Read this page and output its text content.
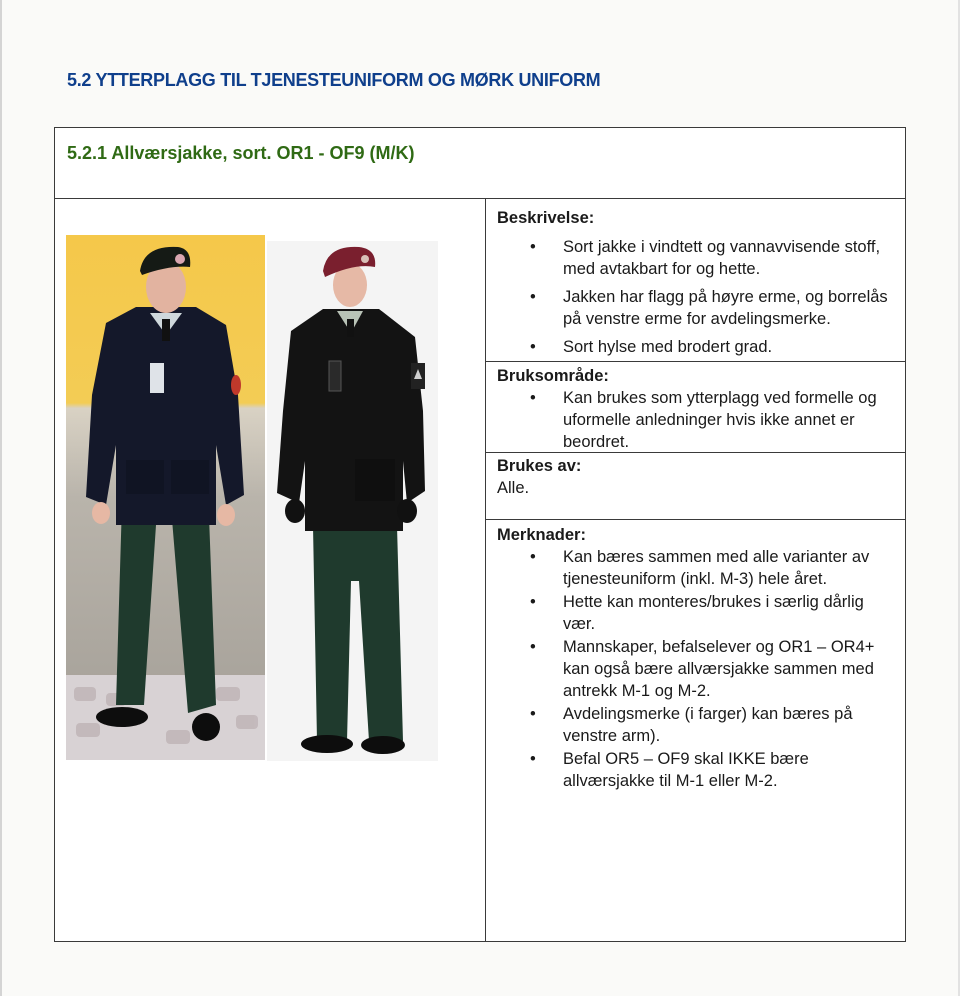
5.2 YTTERPLAGG TIL TJENESTEUNIFORM OG MØRK UNIFORM
5.2.1 Allværsjakke, sort. OR1 - OF9 (M/K)
Beskrivelse:
• Sort jakke i vindtett og vannavvisende stoff, med avtakbart for og hette.
• Jakken har flagg på høyre erme, og borrelås på venstre erme for avdelingsmerke.
• Sort hylse med brodert grad.
Bruksområde:
• Kan brukes som ytterplagg ved formelle og uformelle anledninger hvis ikke annet er beordret.
Brukes av:
Alle.
Merknader:
• Kan bæres sammen med alle varianter av tjenesteuniform (inkl. M-3) hele året.
• Hette kan monteres/brukes i særlig dårlig vær.
• Mannskaper, befalselever og OR1 – OR4+ kan også bære allværsjakke sammen med antrekk M-1 og M-2.
• Avdelingsmerke (i farger) kan bæres på venstre arm).
• Befal OR5 – OF9 skal IKKE bære allværsjakke til M-1 eller M-2.
